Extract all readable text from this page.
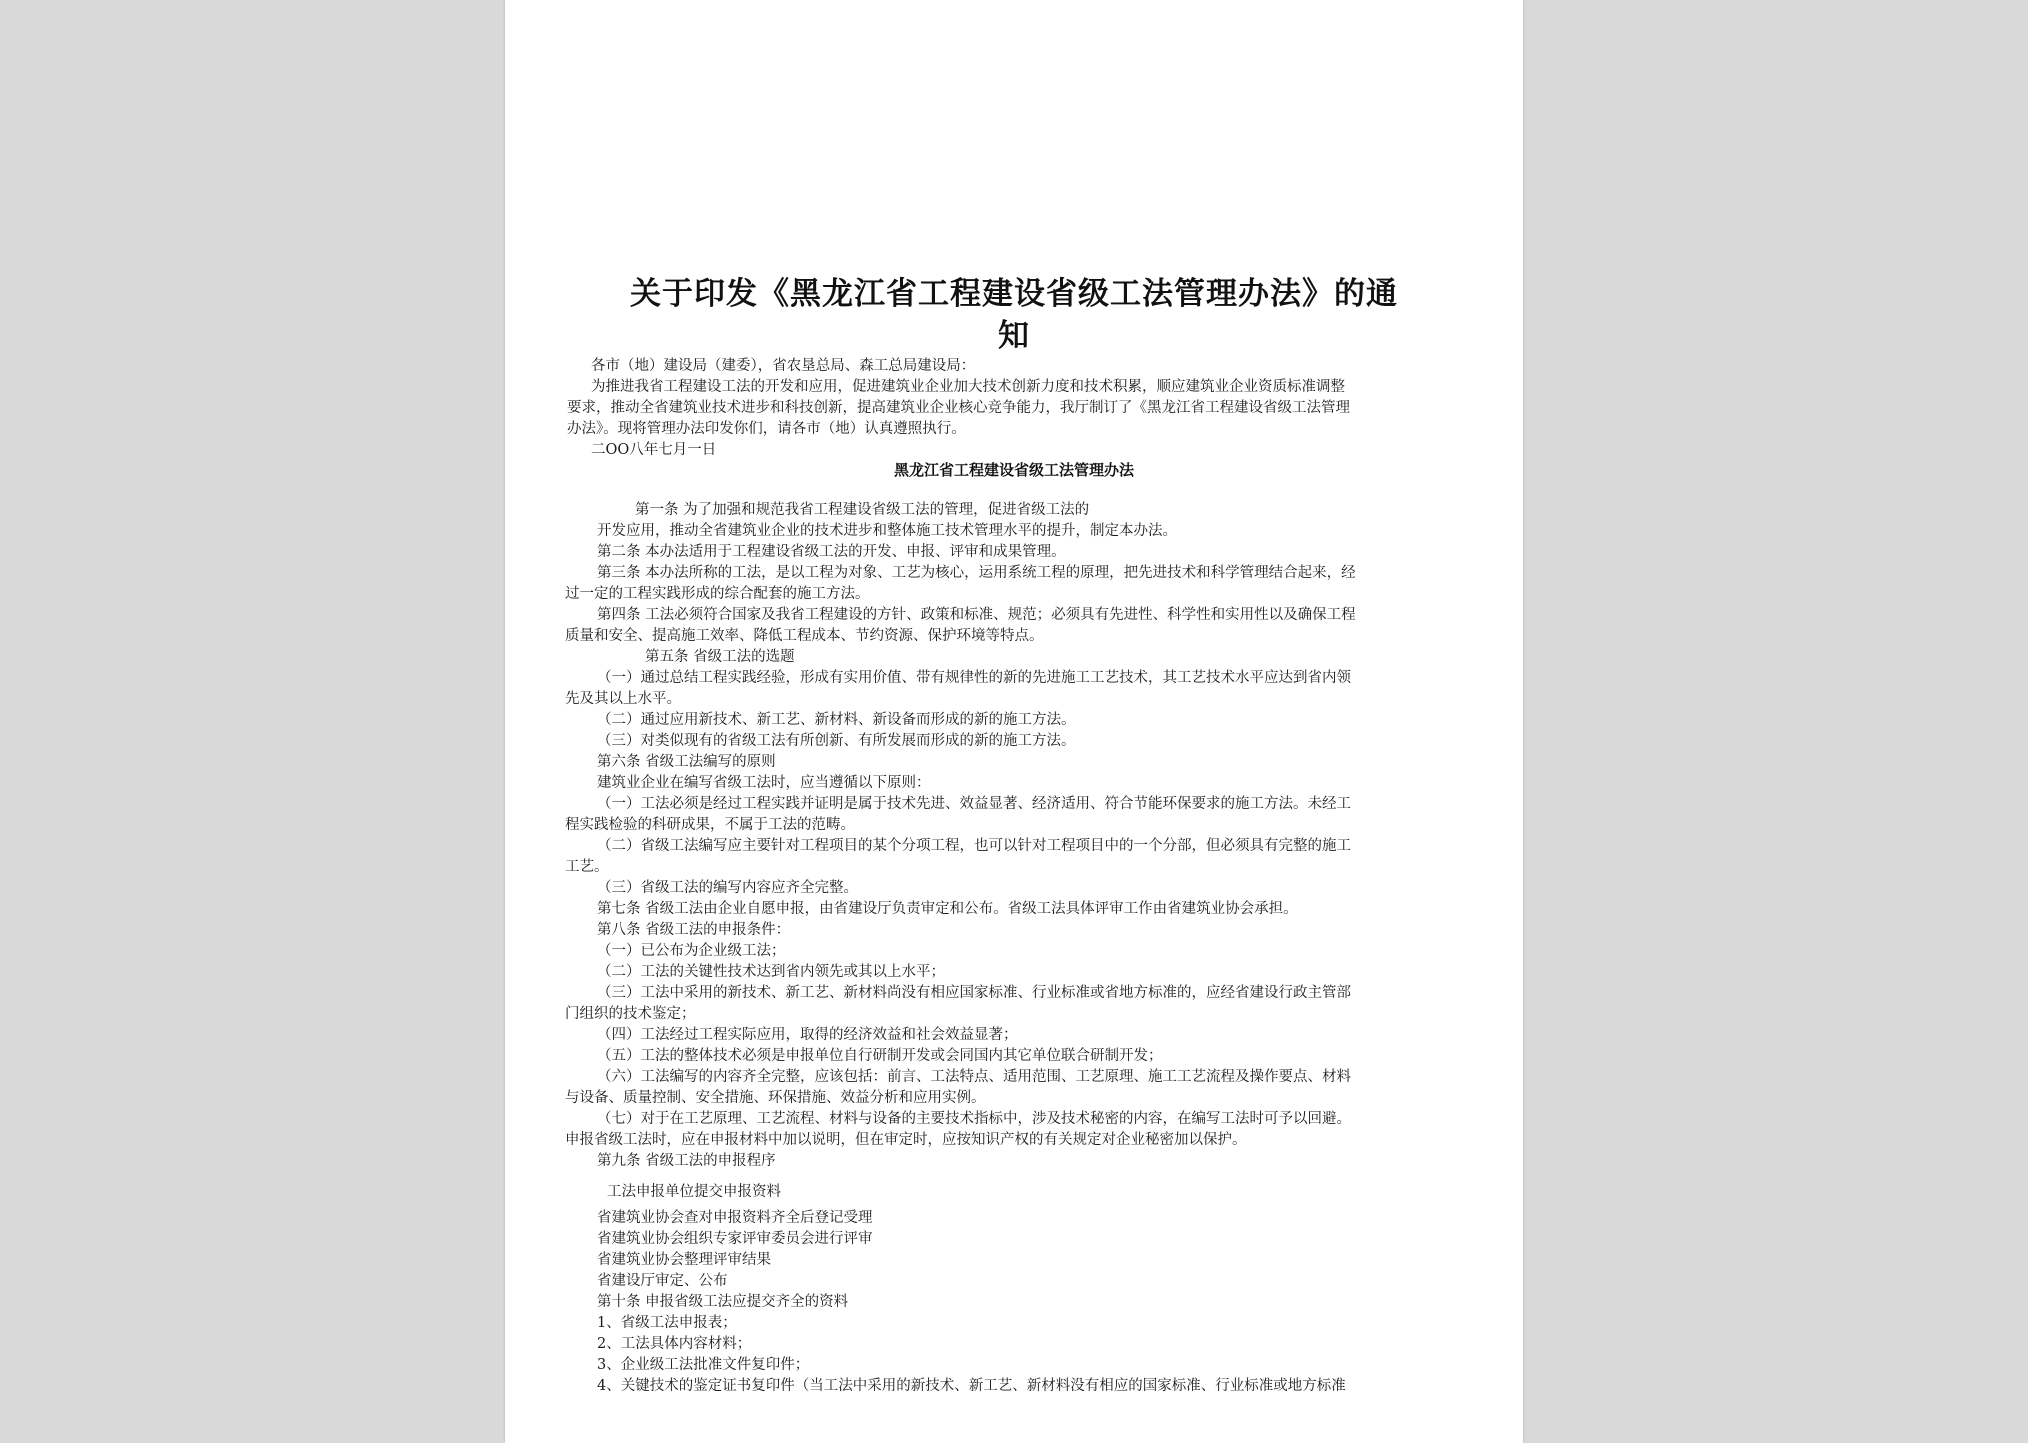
关于印发《黑龙江省工程建设省级工法管理办法》的通
知
各市（地）建设局（建委），省农垦总局、森工总局建设局：
为推进我省工程建设工法的开发和应用，促进建筑业企业加大技术创新力度和技术积累，顺应建筑业企业资质标准调整
要求，推动全省建筑业技术进步和科技创新，提高建筑业企业核心竞争能力，我厅制订了《黑龙江省工程建设省级工法管理
办法》。现将管理办法印发你们，请各市（地）认真遵照执行。
二OO八年七月一日
黑龙江省工程建设省级工法管理办法
第一条 为了加强和规范我省工程建设省级工法的管理，促进省级工法的
开发应用，推动全省建筑业企业的技术进步和整体施工技术管理水平的提升，制定本办法。
第二条 本办法适用于工程建设省级工法的开发、申报、评审和成果管理。
第三条 本办法所称的工法，是以工程为对象、工艺为核心，运用系统工程的原理，把先进技术和科学管理结合起来，经
过一定的工程实践形成的综合配套的施工方法。
第四条 工法必须符合国家及我省工程建设的方针、政策和标准、规范；必须具有先进性、科学性和实用性以及确保工程
质量和安全、提高施工效率、降低工程成本、节约资源、保护环境等特点。
第五条 省级工法的选题
（一）通过总结工程实践经验，形成有实用价值、带有规律性的新的先进施工工艺技术，其工艺技术水平应达到省内领
先及其以上水平。
（二）通过应用新技术、新工艺、新材料、新设备而形成的新的施工方法。
（三）对类似现有的省级工法有所创新、有所发展而形成的新的施工方法。
第六条 省级工法编写的原则
建筑业企业在编写省级工法时，应当遵循以下原则：
（一）工法必须是经过工程实践并证明是属于技术先进、效益显著、经济适用、符合节能环保要求的施工方法。未经工
程实践检验的科研成果，不属于工法的范畴。
（二）省级工法编写应主要针对工程项目的某个分项工程，也可以针对工程项目中的一个分部，但必须具有完整的施工
工艺。
（三）省级工法的编写内容应齐全完整。
第七条 省级工法由企业自愿申报，由省建设厅负责审定和公布。省级工法具体评审工作由省建筑业协会承担。
第八条 省级工法的申报条件：
（一）已公布为企业级工法；
（二）工法的关键性技术达到省内领先或其以上水平；
（三）工法中采用的新技术、新工艺、新材料尚没有相应国家标准、行业标准或省地方标准的，应经省建设行政主管部
门组织的技术鉴定；
（四）工法经过工程实际应用，取得的经济效益和社会效益显著；
（五）工法的整体技术必须是申报单位自行研制开发或会同国内其它单位联合研制开发；
（六）工法编写的内容齐全完整，应该包括：前言、工法特点、适用范围、工艺原理、施工工艺流程及操作要点、材料
与设备、质量控制、安全措施、环保措施、效益分析和应用实例。
（七）对于在工艺原理、工艺流程、材料与设备的主要技术指标中，涉及技术秘密的内容，在编写工法时可予以回避。
申报省级工法时，应在申报材料中加以说明，但在审定时，应按知识产权的有关规定对企业秘密加以保护。
第九条 省级工法的申报程序
工法申报单位提交申报资料
省建筑业协会查对申报资料齐全后登记受理
省建筑业协会组织专家评审委员会进行评审
省建筑业协会整理评审结果
省建设厅审定、公布
第十条 申报省级工法应提交齐全的资料
1、省级工法申报表；
2、工法具体内容材料；
3、企业级工法批准文件复印件；
4、关键技术的鉴定证书复印件（当工法中采用的新技术、新工艺、新材料没有相应的国家标准、行业标准或地方标准
